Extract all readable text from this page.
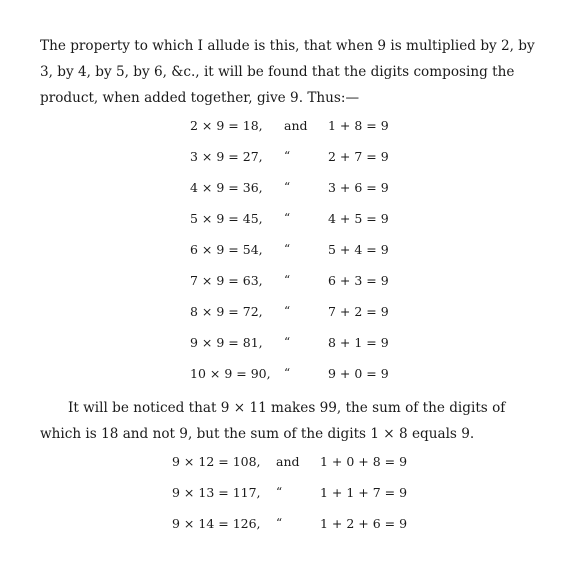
The property to which I allude is this, that when 9 is multiplied by 2, by 3, by 4, by 5, by 6, &c., it will be found that the digits composing the product, when added together, give 9. Thus:—

2 × 9 = 18, and 1 + 8 = 9
3 × 9 = 27, “	2 + 7 = 9
4 × 9 = 36, “	3 + 6 = 9
5 × 9 = 45, “	4 + 5 = 9
6 × 9 = 54, “	5 + 4 = 9
7 × 9 = 63, “	6 + 3 = 9
8 × 9 = 72, “	7 + 2 = 9
9 × 9 = 81, “	8 + 1 = 9
10 × 9 = 90, “	9 + 0 = 9

It will be noticed that 9 × 11 makes 99, the sum of the digits of which is 18 and not 9, but the sum of the digits 1 × 8 equals 9.

9 × 12 = 108, and 1 + 0 + 8 = 9
9 × 13 = 117, “	1 + 1 + 7 = 9
9 × 14 = 126, “	1 + 2 + 6 = 9
